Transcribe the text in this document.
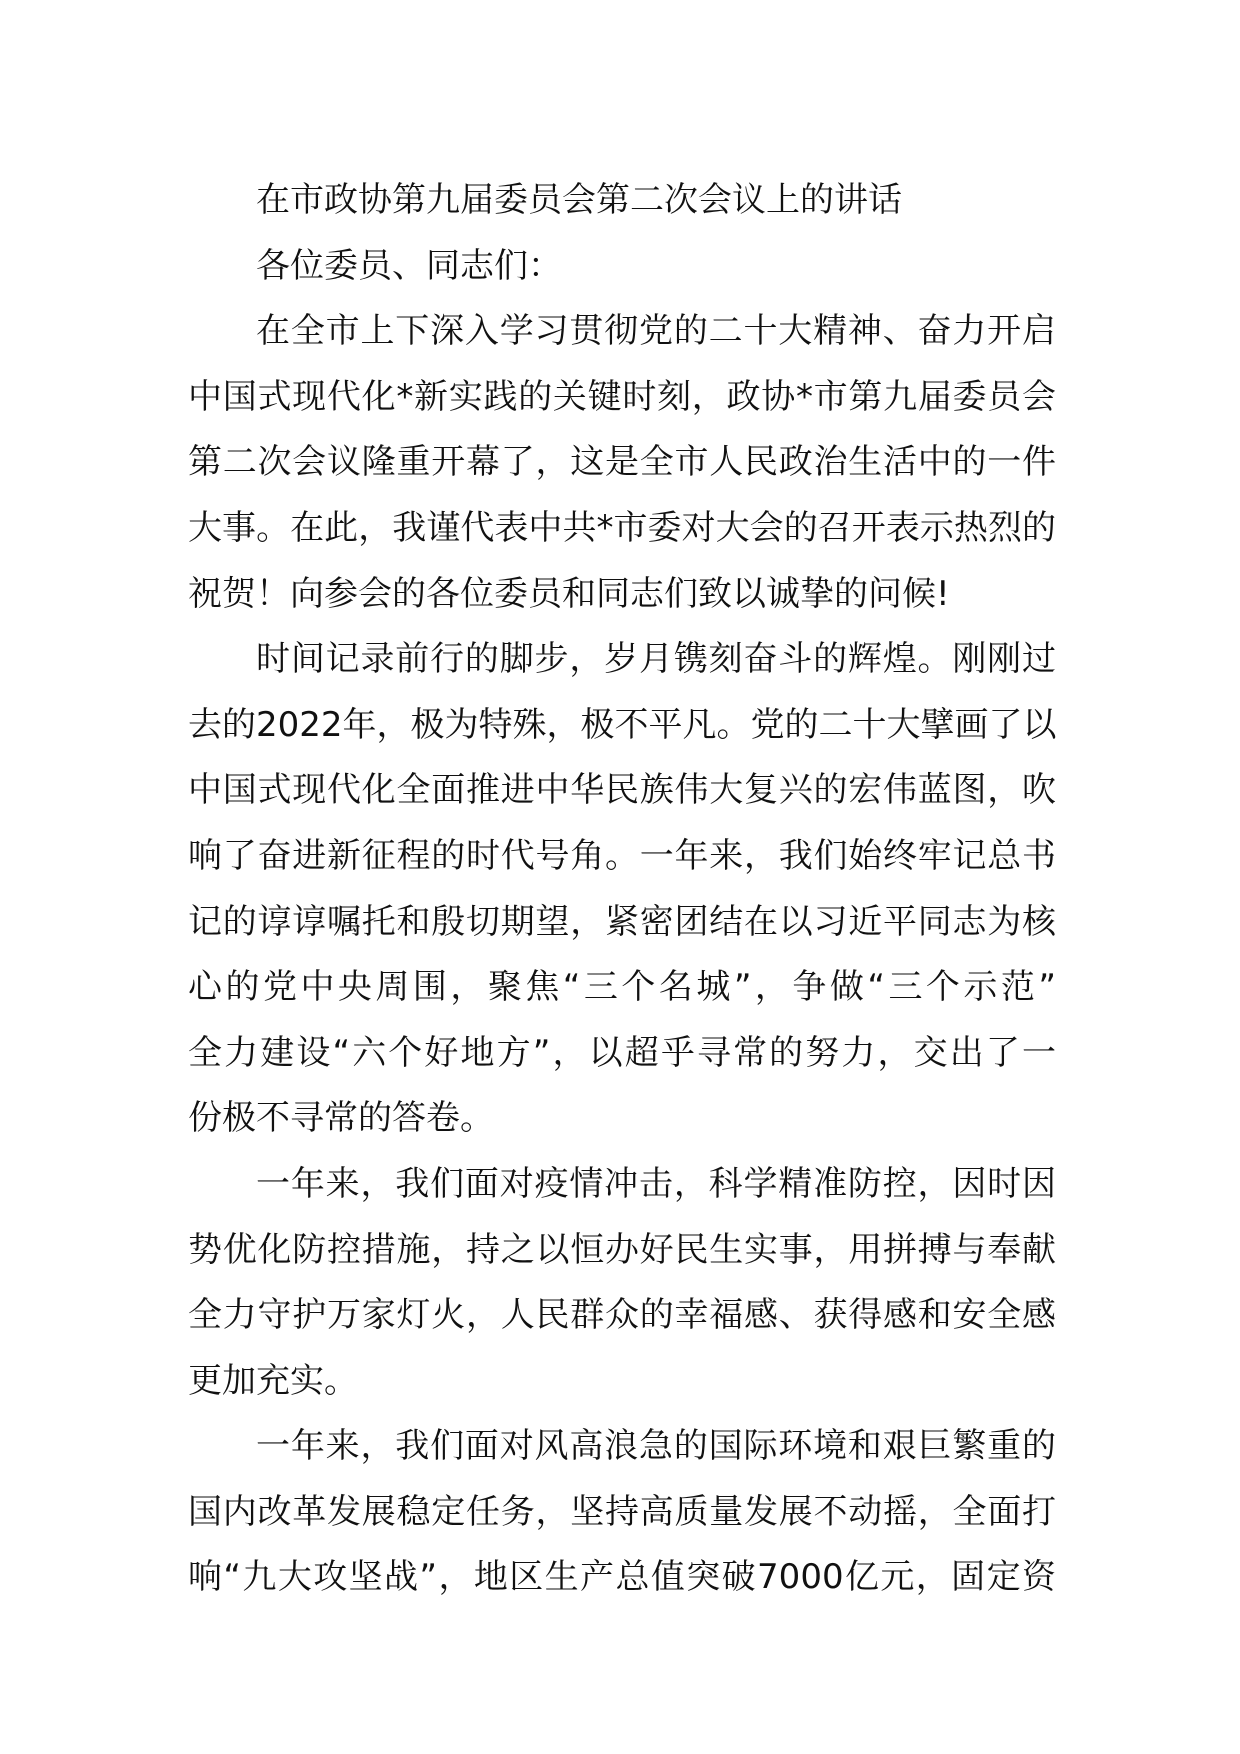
在市政协第九届委员会第二次会议上的讲话
各位委员、同志们：
在全市上下深入学习贯彻党的二十大精神、奋力开启
中国式现代化*新实践的关键时刻，政协*市第九届委员会
第二次会议隆重开幕了，这是全市人民政治生活中的一件
大事。在此，我谨代表中共*市委对大会的召开表示热烈的
祝贺！向参会的各位委员和同志们致以诚挚的问候!
时间记录前行的脚步，岁月镌刻奋斗的辉煌。刚刚过
去的2022年，极为特殊，极不平凡。党的二十大擘画了以
中国式现代化全面推进中华民族伟大复兴的宏伟蓝图，吹
响了奋进新征程的时代号角。一年来，我们始终牢记总书
记的谆谆嘱托和殷切期望，紧密团结在以习近平同志为核
心的党中央周围，聚焦“三个名城”，争做“三个示范”
全力建设“六个好地方”，以超乎寻常的努力，交出了一
份极不寻常的答卷。
一年来，我们面对疫情冲击，科学精准防控，因时因
势优化防控措施，持之以恒办好民生实事，用拼搏与奉献
全力守护万家灯火，人民群众的幸福感、获得感和安全感
更加充实。
一年来，我们面对风高浪急的国际环境和艰巨繁重的
国内改革发展稳定任务，坚持高质量发展不动摇，全面打
响“九大攻坚战”，地区生产总值突破7000亿元，固定资
